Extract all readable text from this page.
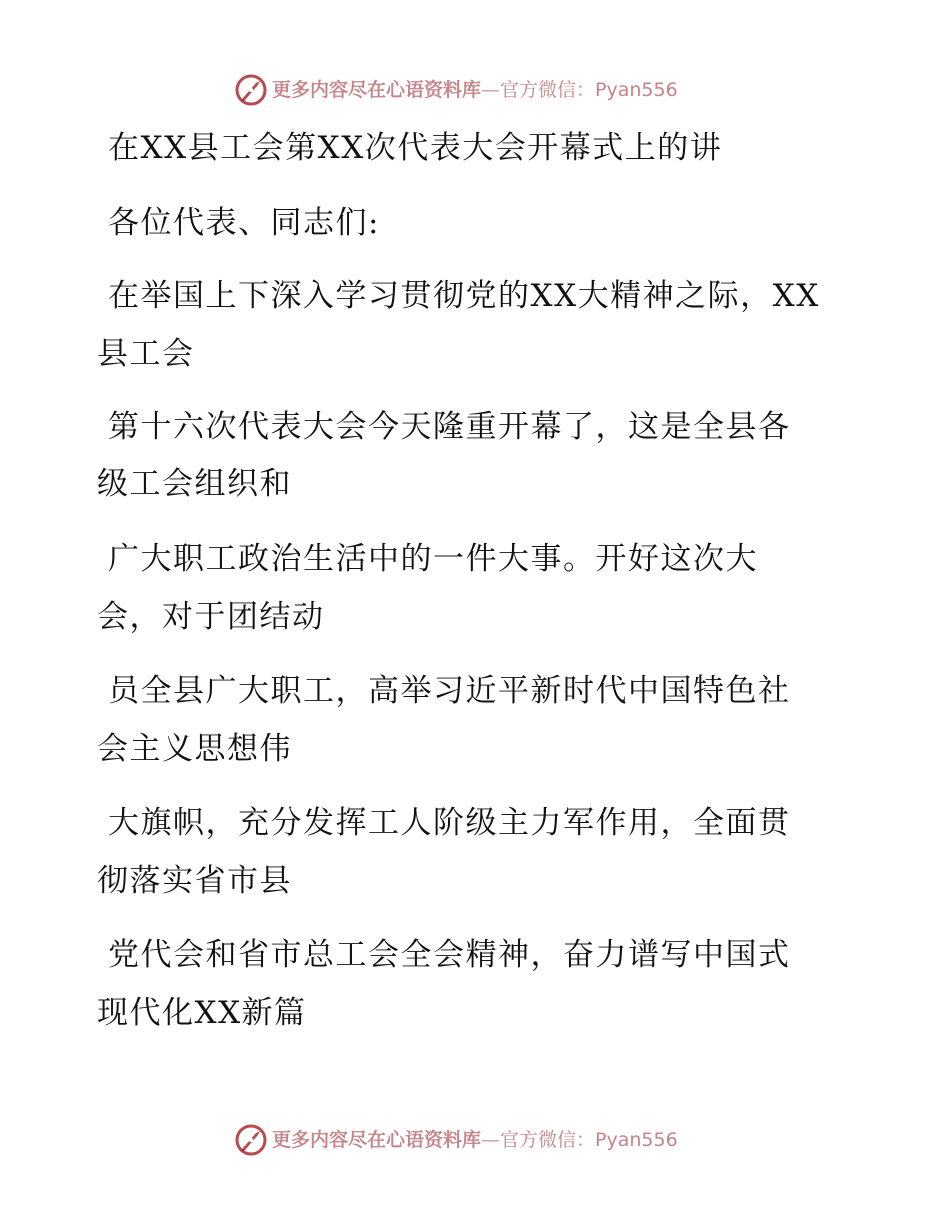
更多内容尽在心语资料库—官方微信：Pyan556
在XX县工会第XX次代表大会开幕式上的讲
各位代表、同志们:
在举国上下深入学习贯彻党的XX大精神之际，XX
县工会
第十六次代表大会今天隆重开幕了，这是全县各
级工会组织和
广大职工政治生活中的一件大事。开好这次大
会，对于团结动
员全县广大职工，高举习近平新时代中国特色社
会主义思想伟
大旗帜，充分发挥工人阶级主力军作用，全面贯
彻落实省市县
党代会和省市总工会全会精神，奋力谱写中国式
现代化XX新篇
更多内容尽在心语资料库—官方微信：Pyan556
